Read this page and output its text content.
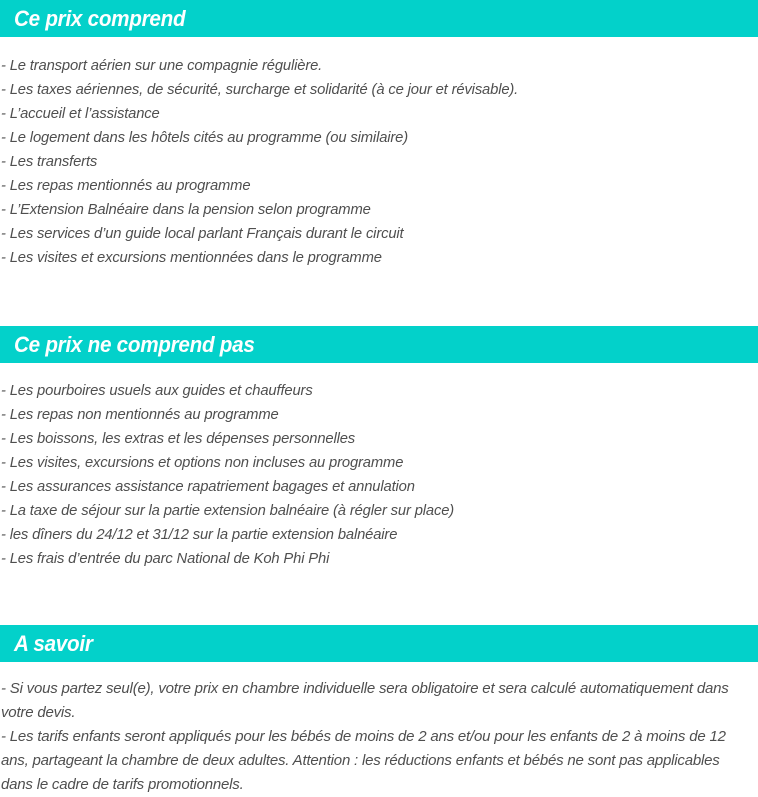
Ce prix comprend
- Le transport aérien sur une compagnie régulière.
- Les taxes aériennes, de sécurité, surcharge et solidarité (à ce jour et révisable).
- L’accueil et l’assistance
- Le logement dans les hôtels cités au programme (ou similaire)
- Les transferts
- Les repas mentionnés au programme
- L’Extension Balnéaire dans la pension selon programme
- Les services d’un guide local parlant Français durant le circuit
- Les visites et excursions mentionnées dans le programme
Ce prix ne comprend pas
- Les pourboires usuels aux guides et chauffeurs
- Les repas non mentionnés au programme
- Les boissons, les extras et les dépenses personnelles
- Les visites, excursions et options non incluses au programme
- Les assurances assistance rapatriement bagages et annulation
- La taxe de séjour sur la partie extension balnéaire (à régler sur place)
- les dîners du 24/12 et 31/12 sur la partie extension balnéaire
- Les frais d’entrée du parc National de Koh Phi Phi
A savoir
- Si vous partez seul(e), votre prix en chambre individuelle sera obligatoire et sera calculé automatiquement dans votre devis.
- Les tarifs enfants seront appliqués pour les bébés de moins de 2 ans et/ou pour les enfants de 2 à moins de 12 ans, partageant la chambre de deux adultes. Attention : les réductions enfants et bébés ne sont pas applicables dans le cadre de tarifs promotionnels.
